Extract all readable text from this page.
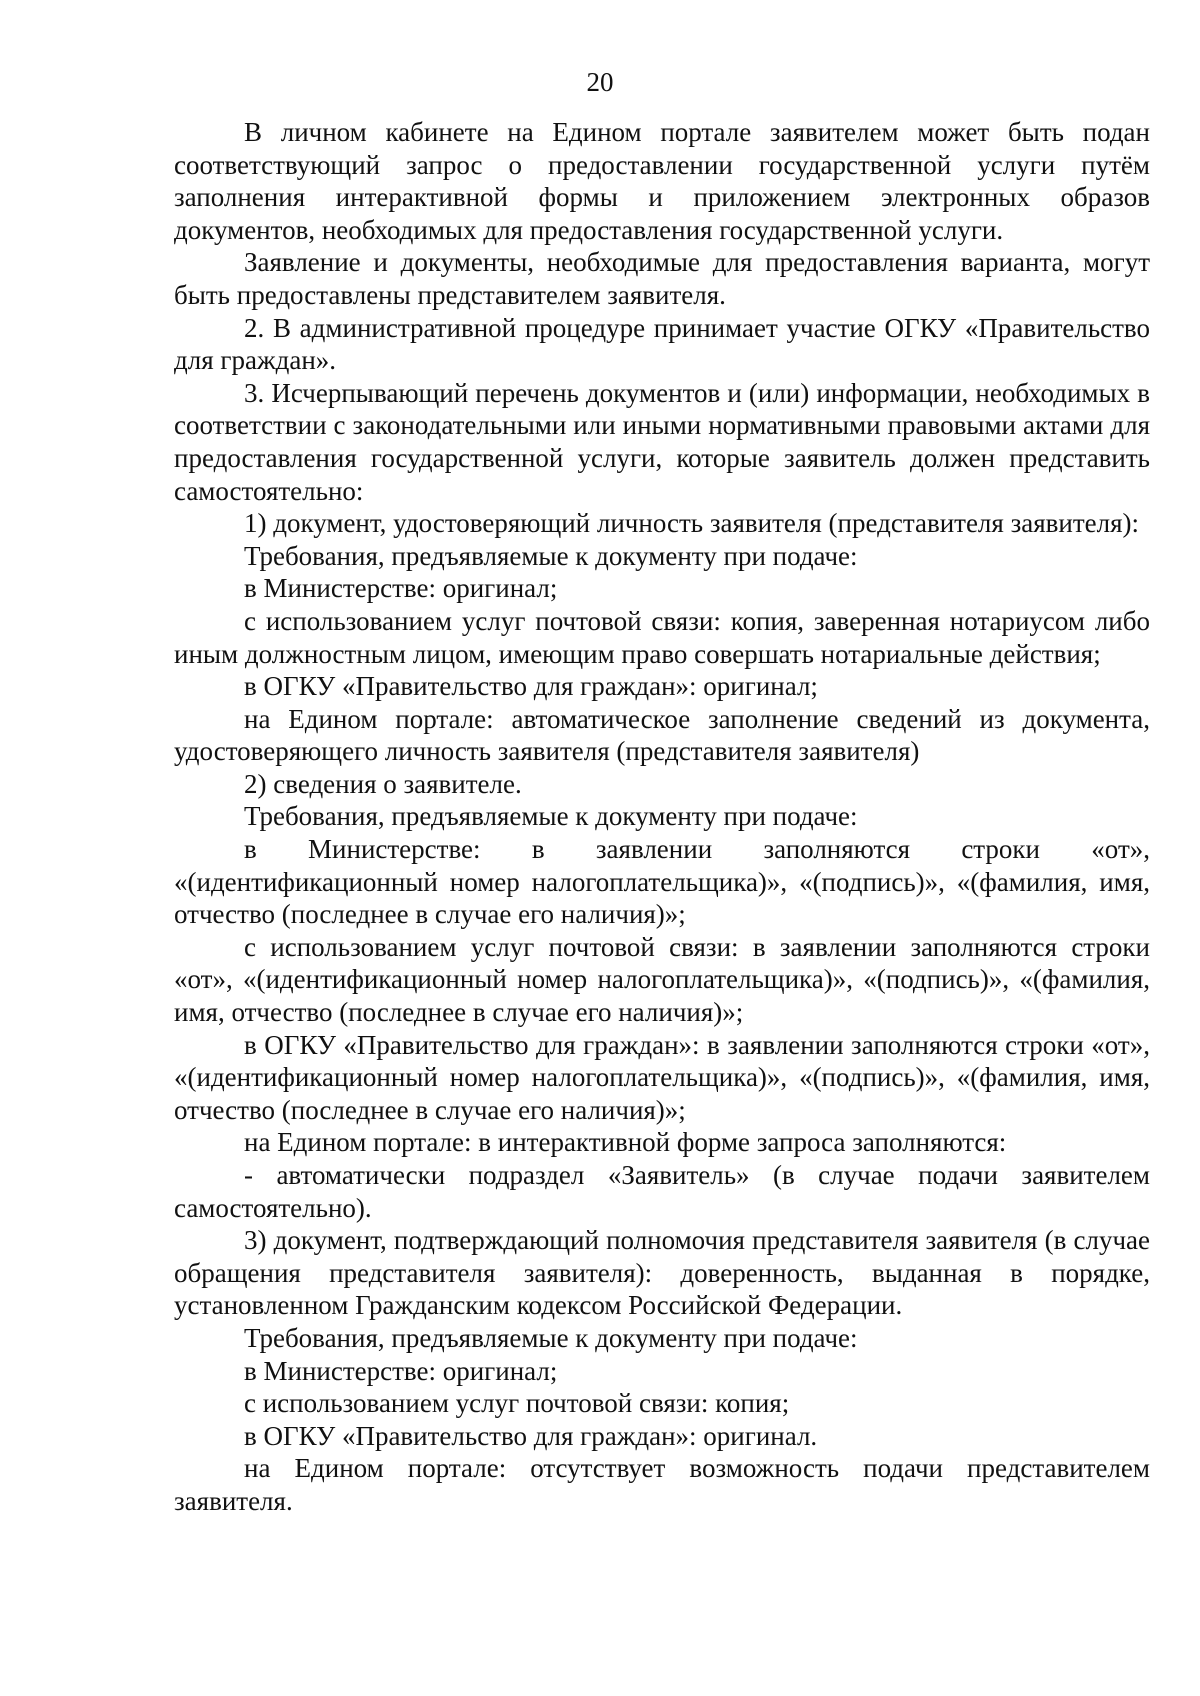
20

В личном кабинете на Едином портале заявителем может быть подан соответствующий запрос о предоставлении государственной услуги путём заполнения интерактивной формы и приложением электронных образов документов, необходимых для предоставления государственной услуги.

Заявление и документы, необходимые для предоставления варианта, могут быть предоставлены представителем заявителя.

2. В административной процедуре принимает участие ОГКУ «Правительство для граждан».

3. Исчерпывающий перечень документов и (или) информации, необходимых в соответствии с законодательными или иными нормативными правовыми актами для предоставления государственной услуги, которые заявитель должен представить самостоятельно:

1) документ, удостоверяющий личность заявителя (представителя заявителя):

Требования, предъявляемые к документу при подаче:

в Министерстве: оригинал;

с использованием услуг почтовой связи: копия, заверенная нотариусом либо иным должностным лицом, имеющим право совершать нотариальные действия;

в ОГКУ «Правительство для граждан»: оригинал;

на Едином портале: автоматическое заполнение сведений из документа, удостоверяющего личность заявителя (представителя заявителя)

2) сведения о заявителе.

Требования, предъявляемые к документу при подаче:

в Министерстве: в заявлении заполняются строки «от», «(идентификационный номер налогоплательщика)», «(подпись)», «(фамилия, имя, отчество (последнее в случае его наличия)»;

с использованием услуг почтовой связи: в заявлении заполняются строки «от», «(идентификационный номер налогоплательщика)», «(подпись)», «(фамилия, имя, отчество (последнее в случае его наличия)»;

в ОГКУ «Правительство для граждан»: в заявлении заполняются строки «от», «(идентификационный номер налогоплательщика)», «(подпись)», «(фамилия, имя, отчество (последнее в случае его наличия)»;

на Едином портале: в интерактивной форме запроса заполняются:

- автоматически подраздел «Заявитель» (в случае подачи заявителем самостоятельно).

3) документ, подтверждающий полномочия представителя заявителя (в случае обращения представителя заявителя): доверенность, выданная в порядке, установленном Гражданским кодексом Российской Федерации.

Требования, предъявляемые к документу при подаче:

в Министерстве: оригинал;

с использованием услуг почтовой связи: копия;

в ОГКУ «Правительство для граждан»: оригинал.

на Едином портале: отсутствует возможность подачи представителем заявителя.
